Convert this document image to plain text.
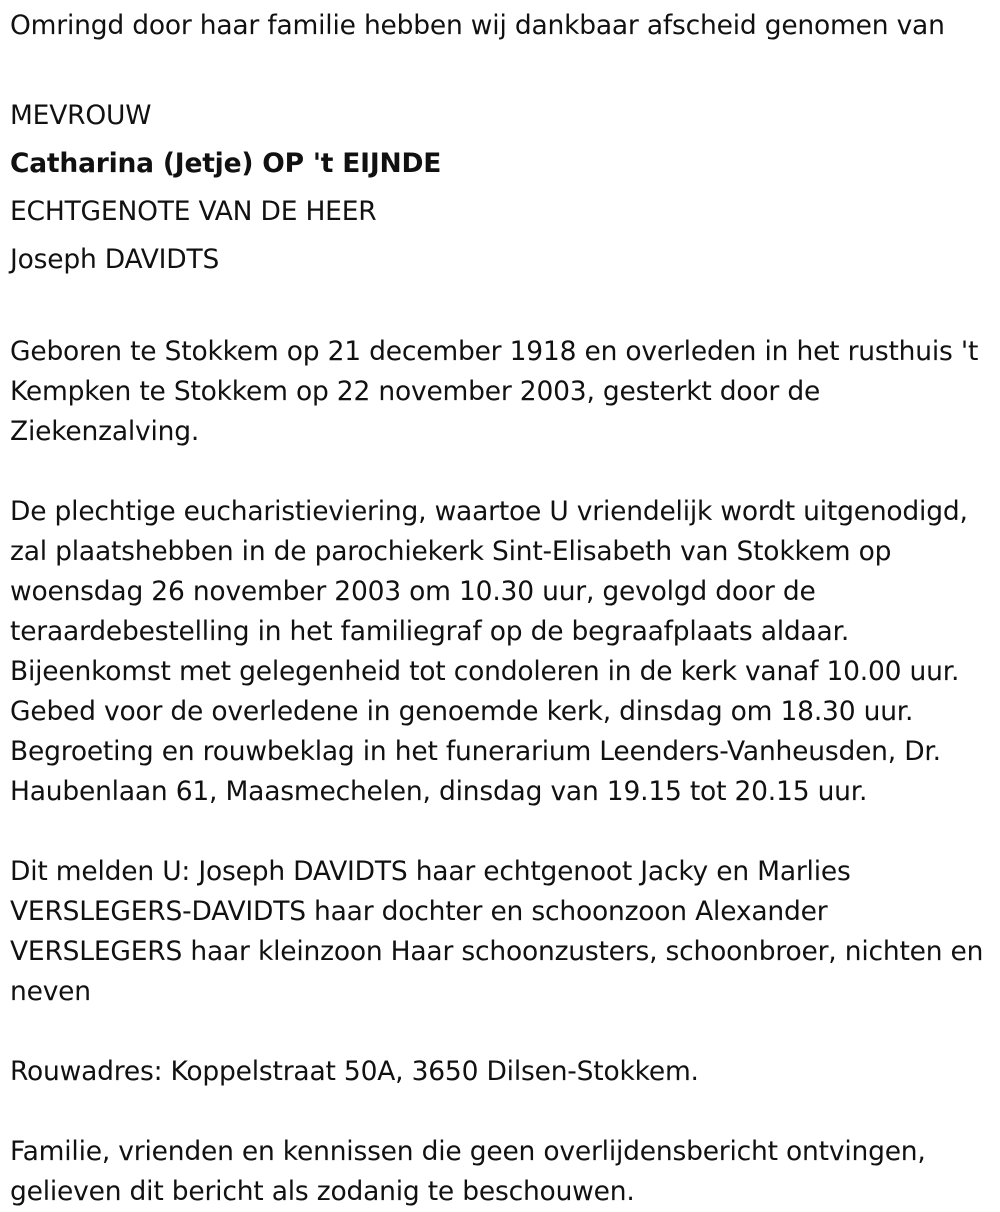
Omringd door haar familie hebben wij dankbaar afscheid genomen van

MEVROUW

Catharina (Jetje) OP 't EIJNDE

ECHTGENOTE VAN DE HEER

Joseph DAVIDTS

Geboren te Stokkem op 21 december 1918 en overleden in het rusthuis 't Kempken te Stokkem op 22 november 2003, gesterkt door de Ziekenzalving.

De plechtige eucharistieviering, waartoe U vriendelijk wordt uitgenodigd, zal plaatshebben in de parochiekerk Sint-Elisabeth van Stokkem op woensdag 26 november 2003 om 10.30 uur, gevolgd door de teraardebestelling in het familiegraf op de begraafplaats aldaar. Bijeenkomst met gelegenheid tot condoleren in de kerk vanaf 10.00 uur. Gebed voor de overledene in genoemde kerk, dinsdag om 18.30 uur. Begroeting en rouwbeklag in het funerarium Leenders-Vanheusden, Dr. Haubenlaan 61, Maasmechelen, dinsdag van 19.15 tot 20.15 uur.

Dit melden U: Joseph DAVIDTS haar echtgenoot Jacky en Marlies VERSLEGERS-DAVIDTS haar dochter en schoonzoon Alexander VERSLEGERS haar kleinzoon Haar schoonzusters, schoonbroer, nichten en neven

Rouwadres: Koppelstraat 50A, 3650 Dilsen-Stokkem.

Familie, vrienden en kennissen die geen overlijdensbericht ontvingen, gelieven dit bericht als zodanig te beschouwen.
